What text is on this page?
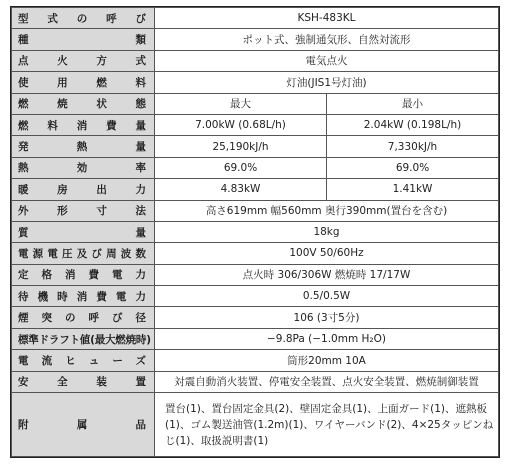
型式の呼び	KSH-483KL	
種類	ポット式、強制通気形、自然対流形	
点火方式	電気点火	
使用燃料	灯油(JIS1号灯油)	
燃焼状態	最大	最小
燃料消費量	7.00kW (0.68L/h)	2.04kW (0.198L/h)
発熱量	25,190kJ/h	7,330kJ/h
熱効率	69.0%	69.0%
暖房出力	4.83kW	1.41kW
外形寸法	高さ619mm 幅560mm 奥行390mm(置台を含む)	
質量	18kg	
電源電圧及び周波数	100V 50/60Hz	
定格消費電力	点火時 306/306W 燃焼時 17/17W	
待機時消費電力	0.5/0.5W	
煙突の呼び径	106 (3寸5分)	
標準ドラフト値(最大燃焼時)	−9.8Pa (−1.0mm H₂O)	
電流ヒューズ	筒形20mm 10A	
安全装置	対震自動消火装置、停電安全装置、点火安全装置、燃焼制御装置	
附属品	置台(1)、置台固定金具(2)、壁固定金具(1)、上面ガード(1)、遮熱板(1)、ゴム製送油管(1.2m)(1)、ワイヤーバンド(2)、4×25タッピンねじ(1)、取扱説明書(1)	
